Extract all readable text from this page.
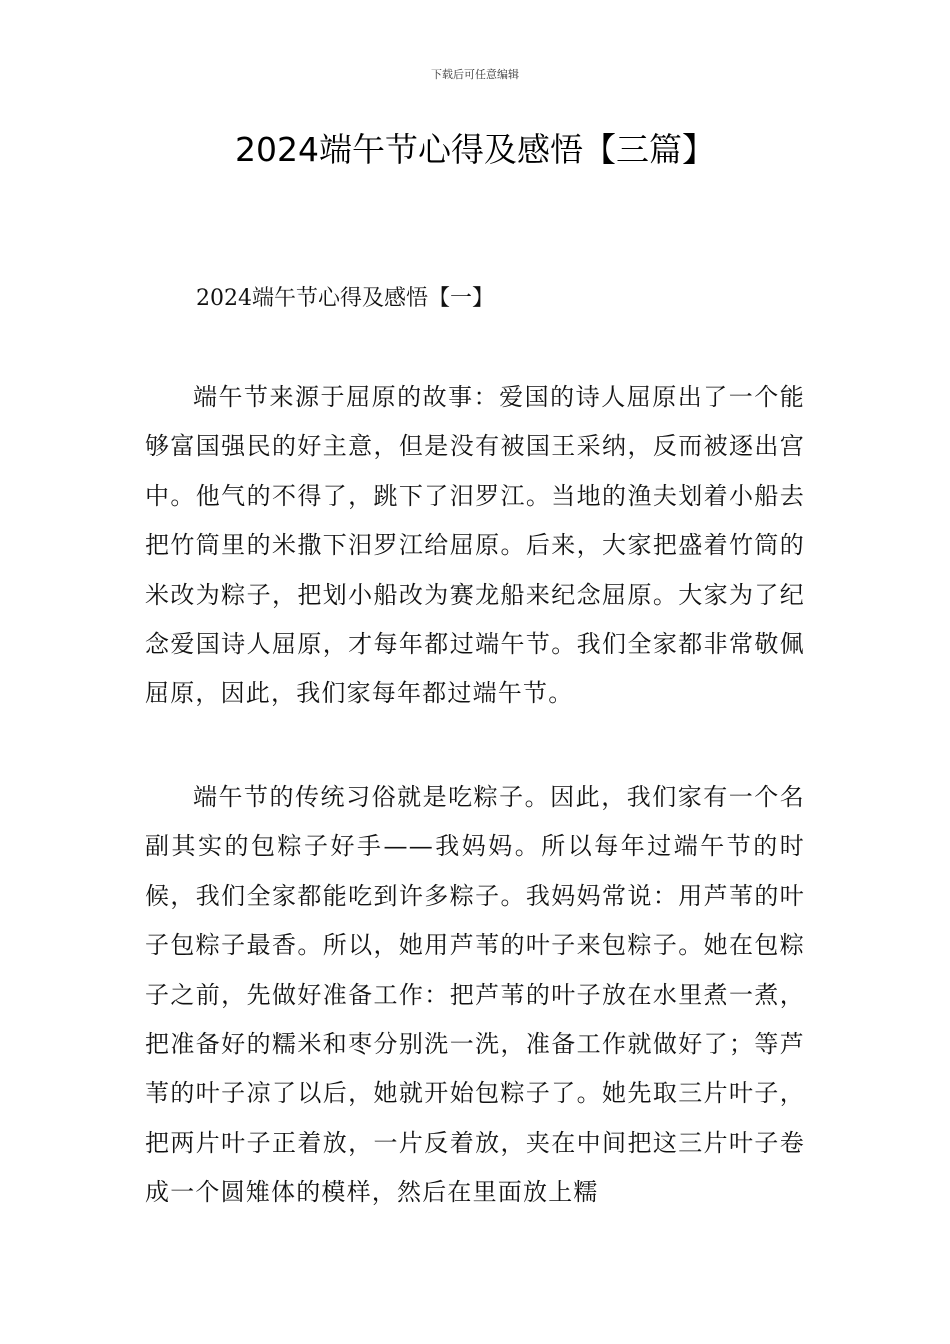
下载后可任意编辑
2024端午节心得及感悟【三篇】
2024端午节心得及感悟【一】

端午节来源于屈原的故事：爱国的诗人屈原出了一个能够富国强民的好主意，但是没有被国王采纳，反而被逐出宫中。他气的不得了，跳下了汨罗江。当地的渔夫划着小船去把竹筒里的米撒下汨罗江给屈原。后来，大家把盛着竹筒的米改为粽子，把划小船改为赛龙船来纪念屈原。大家为了纪念爱国诗人屈原，才每年都过端午节。我们全家都非常敬佩屈原，因此，我们家每年都过端午节。

端午节的传统习俗就是吃粽子。因此，我们家有一个名副其实的包粽子好手——我妈妈。所以每年过端午节的时候，我们全家都能吃到许多粽子。我妈妈常说：用芦苇的叶子包粽子最香。所以，她用芦苇的叶子来包粽子。她在包粽子之前，先做好准备工作：把芦苇的叶子放在水里煮一煮，把准备好的糯米和枣分别洗一洗，准备工作就做好了；等芦苇的叶子凉了以后，她就开始包粽子了。她先取三片叶子，把两片叶子正着放，一片反着放，夹在中间把这三片叶子卷成一个圆雉体的模样，然后在里面放上糯
